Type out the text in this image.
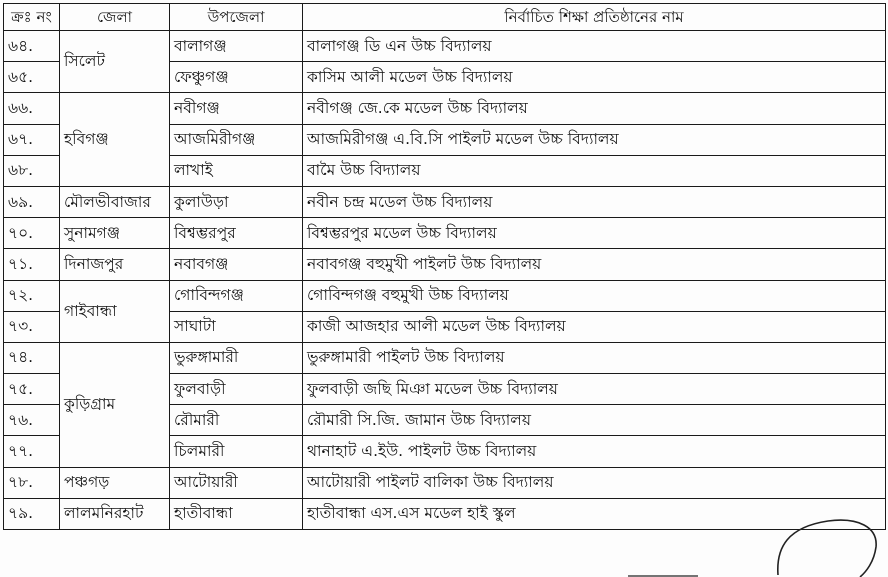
ক্রঃ নং	জেলা	উপজেলা	নির্বাচিত শিক্ষা প্রতিষ্ঠানের নাম
৬৪.	সিলেট	বালাগঞ্জ	বালাগঞ্জ ডি এন উচ্চ বিদ্যালয়
৬৫.		ফেঞ্চুগঞ্জ	কাসিম আলী মডেল উচ্চ বিদ্যালয়
৬৬.	হবিগঞ্জ	নবীগঞ্জ	নবীগঞ্জ জে.কে মডেল উচ্চ বিদ্যালয়
৬৭.		আজমিরীগঞ্জ	আজমিরীগঞ্জ এ.বি.সি পাইলট মডেল উচ্চ বিদ্যালয়
৬৮.		লাখাই	বামৈ উচ্চ বিদ্যালয়
৬৯.	মৌলভীবাজার	কুলাউড়া	নবীন চন্দ্র মডেল উচ্চ বিদ্যালয়
৭০.	সুনামগঞ্জ	বিশ্বম্ভরপুর	বিশ্বম্ভরপুর মডেল উচ্চ বিদ্যালয়
৭১.	দিনাজপুর	নবাবগঞ্জ	নবাবগঞ্জ বহুমুখী পাইলট উচ্চ বিদ্যালয়
৭২.	গাইবান্ধা	গোবিন্দগঞ্জ	গোবিন্দগঞ্জ বহুমুখী উচ্চ বিদ্যালয়
৭৩.		সাঘাটা	কাজী আজহার আলী মডেল উচ্চ বিদ্যালয়
৭৪.	কুড়িগ্রাম	ভুরুঙ্গামারী	ভুরুঙ্গামারী পাইলট উচ্চ বিদ্যালয়
৭৫.		ফুলবাড়ী	ফুলবাড়ী জছি মিঞা মডেল উচ্চ বিদ্যালয়
৭৬.		রৌমারী	রৌমারী সি.জি. জামান উচ্চ বিদ্যালয়
৭৭.		চিলমারী	থানাহাট এ.ইউ. পাইলট উচ্চ বিদ্যালয়
৭৮.	পঞ্চগড়	আটোয়ারী	আটোয়ারী পাইলট বালিকা উচ্চ বিদ্যালয়
৭৯.	লালমনিরহাট	হাতীবান্ধা	হাতীবান্ধা এস.এস মডেল হাই স্কুল
